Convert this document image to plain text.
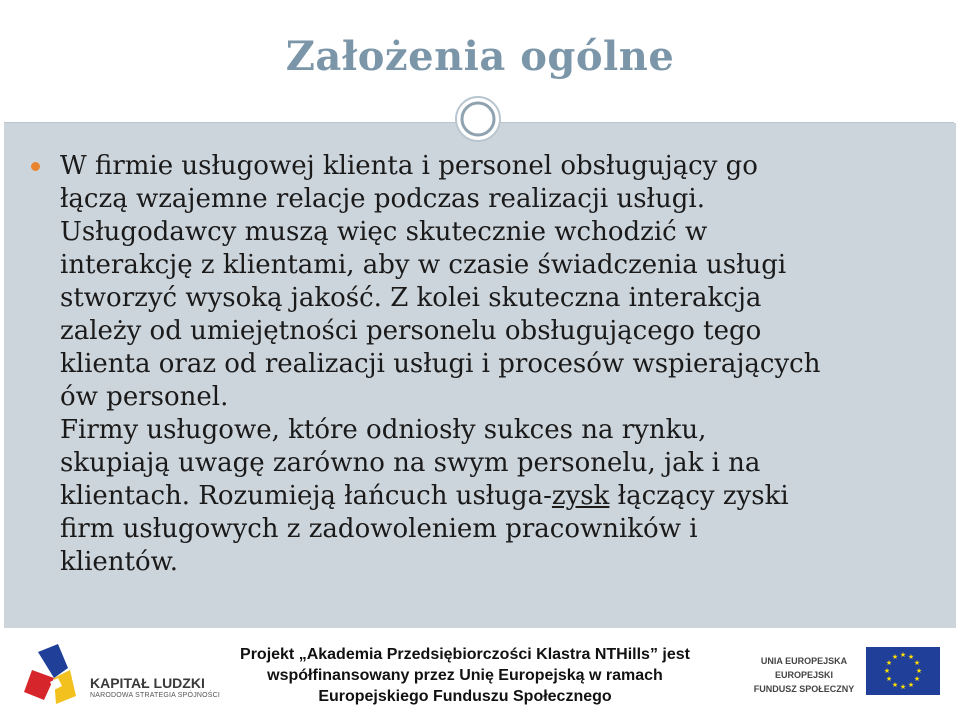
Założenia ogólne
W firmie usługowej klienta i personel obsługujący go
łączą wzajemne relacje podczas realizacji usługi.
Usługodawcy muszą więc skutecznie wchodzić w
interakcję z klientami, aby w czasie świadczenia usługi
stworzyć wysoką jakość. Z kolei skuteczna interakcja
zależy od umiejętności personelu obsługującego tego
klienta oraz od realizacji usługi i procesów wspierających
ów personel.
Firmy usługowe, które odniosły sukces na rynku,
skupiają uwagę zarówno na swym personelu, jak i na
klientach. Rozumieją łańcuch usługa-zysk łączący zyski
firm usługowych z zadowoleniem pracowników i
klientów.
KAPITAŁ LUDZKI
NARODOWA STRATEGIA SPÓJNOŚCI
Projekt „Akademia Przedsiębiorczości Klastra NTHills” jest
współfinansowany przez Unię Europejską w ramach
Europejskiego Funduszu Społecznego
UNIA EUROPEJSKA
EUROPEJSKI
FUNDUSZ SPOŁECZNY
★ ★
★
★
★
★
★
★
★
★
★
★
